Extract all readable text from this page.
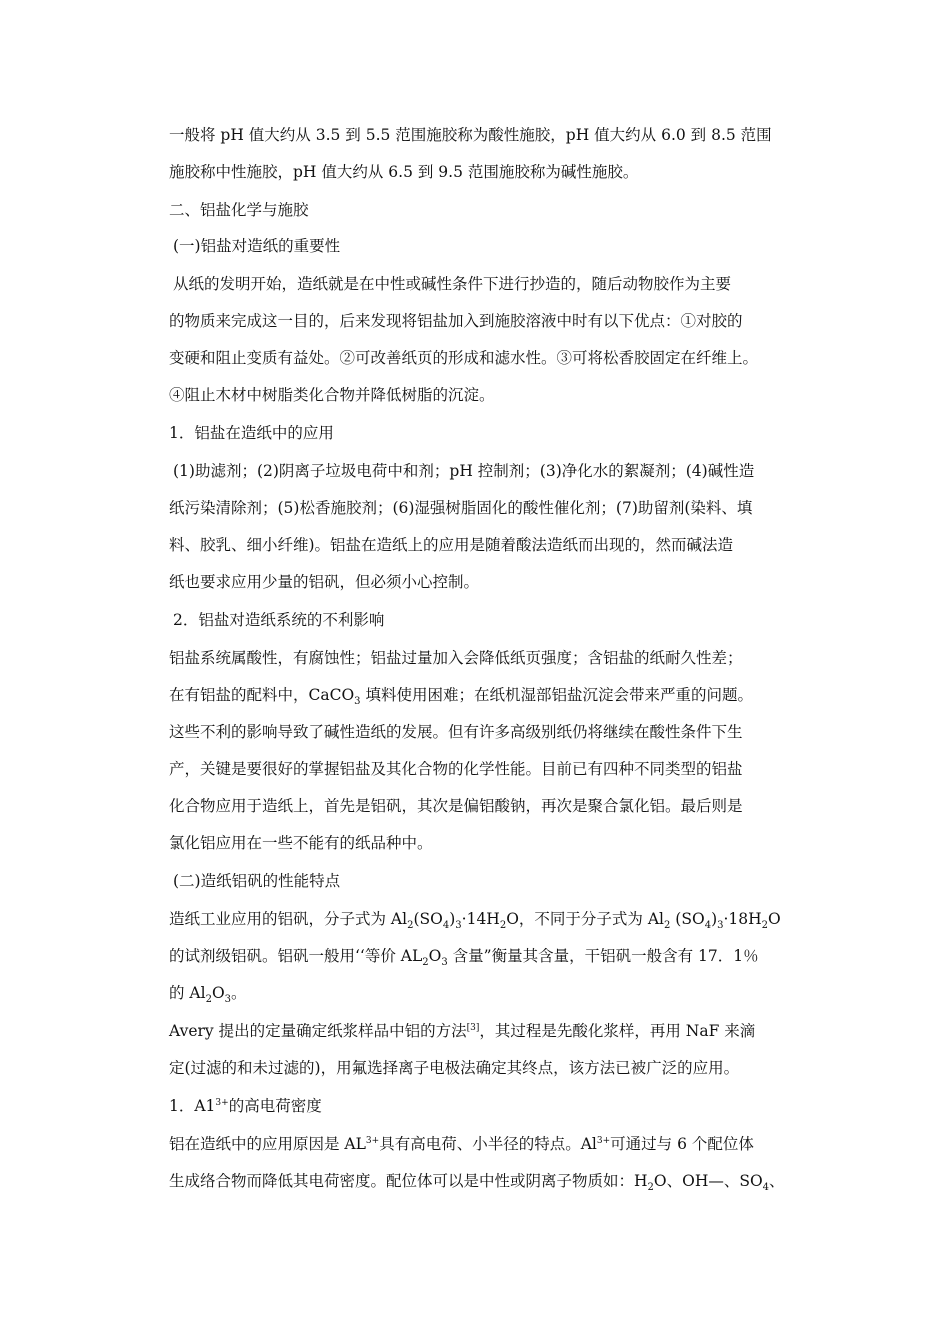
一般将 pH 值大约从 3.5 到 5.5 范围施胶称为酸性施胶，pH 值大约从 6.0 到 8.5 范围
施胶称中性施胶，pH 值大约从 6.5 到 9.5 范围施胶称为碱性施胶。
二、铝盐化学与施胶
(一)铝盐对造纸的重要性
从纸的发明开始，造纸就是在中性或碱性条件下进行抄造的，随后动物胶作为主要
的物质来完成这一目的，后来发现将铝盐加入到施胶溶液中时有以下优点：①对胶的
变硬和阻止变质有益处。②可改善纸页的形成和滤水性。③可将松香胶固定在纤维上。
④阻止木材中树脂类化合物并降低树脂的沉淀。
1．铝盐在造纸中的应用
(1)助滤剂；(2)阴离子垃圾电荷中和剂；pH 控制剂；(3)净化水的絮凝剂；(4)碱性造
纸污染清除剂；(5)松香施胶剂；(6)湿强树脂固化的酸性催化剂；(7)助留剂(染料、填
料、胶乳、细小纤维)。铝盐在造纸上的应用是随着酸法造纸而出现的，然而碱法造
纸也要求应用少量的铝矾，但必须小心控制。
2．铝盐对造纸系统的不利影响
铝盐系统属酸性，有腐蚀性；铝盐过量加入会降低纸页强度；含铝盐的纸耐久性差；
在有铝盐的配料中，CaCO$_3$ 填料使用困难；在纸机湿部铝盐沉淀会带来严重的问题。
这些不利的影响导致了碱性造纸的发展。但有许多高级别纸仍将继续在酸性条件下生
产，关键是要很好的掌握铝盐及其化合物的化学性能。目前已有四种不同类型的铝盐
化合物应用于造纸上，首先是铝矾，其次是偏铝酸钠，再次是聚合氯化铝。最后则是
氯化铝应用在一些不能有的纸品种中。
(二)造纸铝矾的性能特点
造纸工业应用的铝矾，分子式为 $Al_2(SO_4)_3\cdot 14H_2O$，不同于分子式为 $Al_2$ $(SO_4)_3\cdot 18H_2O$
的试剂级铝矾。铝矾一般用‘‘等价 $AL_2O_3$ 含量”衡量其含量，干铝矾一般含有 17．1％
的 $Al_2O_3$。
Avery 提出的定量确定纸浆样品中铝的方法[3]，其过程是先酸化浆样，再用 NaF 来滴
定(过滤的和未过滤的)，用氟选择离子电极法确定其终点，该方法已被广泛的应用。
1．$A1^{3+}$的高电荷密度
铝在造纸中的应用原因是 $AL^{3+}$具有高电荷、小半径的特点。$Al^{3+}$可通过与 6 个配位体
生成络合物而降低其电荷密度。配位体可以是中性或阴离子物质如：$H_2O$、OH—、$SO_4$、
